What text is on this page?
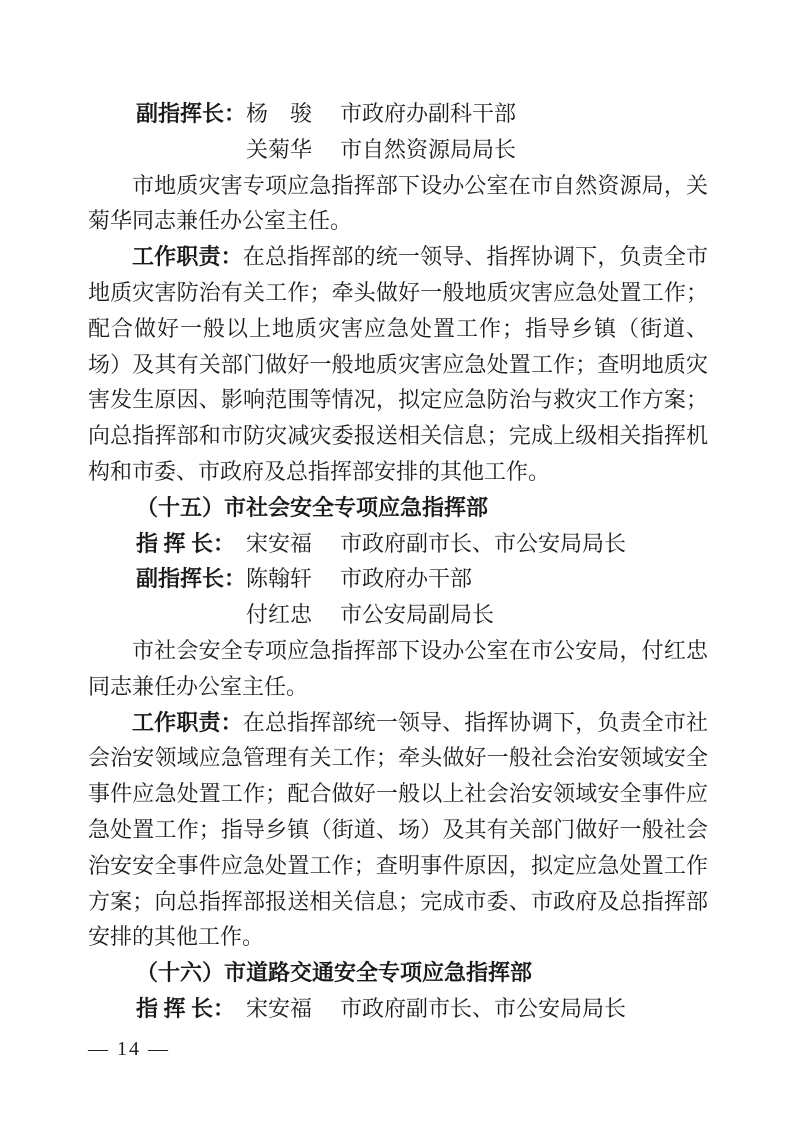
副指挥长： 杨　骏	市政府办副科干部
关菊华	市自然资源局局长

市地质灾害专项应急指挥部下设办公室在市自然资源局，关菊华同志兼任办公室主任。

工作职责：在总指挥部的统一领导、指挥协调下，负责全市地质灾害防治有关工作；牵头做好一般地质灾害应急处置工作；配合做好一般以上地质灾害应急处置工作；指导乡镇（街道、场）及其有关部门做好一般地质灾害应急处置工作；查明地质灾害发生原因、影响范围等情况，拟定应急防治与救灾工作方案；向总指挥部和市防灾减灾委报送相关信息；完成上级相关指挥机构和市委、市政府及总指挥部安排的其他工作。

（十五）市社会安全专项应急指挥部

指 挥 长： 宋安福	市政府副市长、市公安局局长
副指挥长： 陈翰轩	市政府办干部
付红忠	市公安局副局长

市社会安全专项应急指挥部下设办公室在市公安局，付红忠同志兼任办公室主任。

工作职责：在总指挥部统一领导、指挥协调下，负责全市社会治安领域应急管理有关工作；牵头做好一般社会治安领域安全事件应急处置工作；配合做好一般以上社会治安领域安全事件应急处置工作；指导乡镇（街道、场）及其有关部门做好一般社会治安安全事件应急处置工作；查明事件原因，拟定应急处置工作方案；向总指挥部报送相关信息；完成市委、市政府及总指挥部安排的其他工作。

（十六）市道路交通安全专项应急指挥部

指 挥 长： 宋安福	市政府副市长、市公安局局长
— 14 —
